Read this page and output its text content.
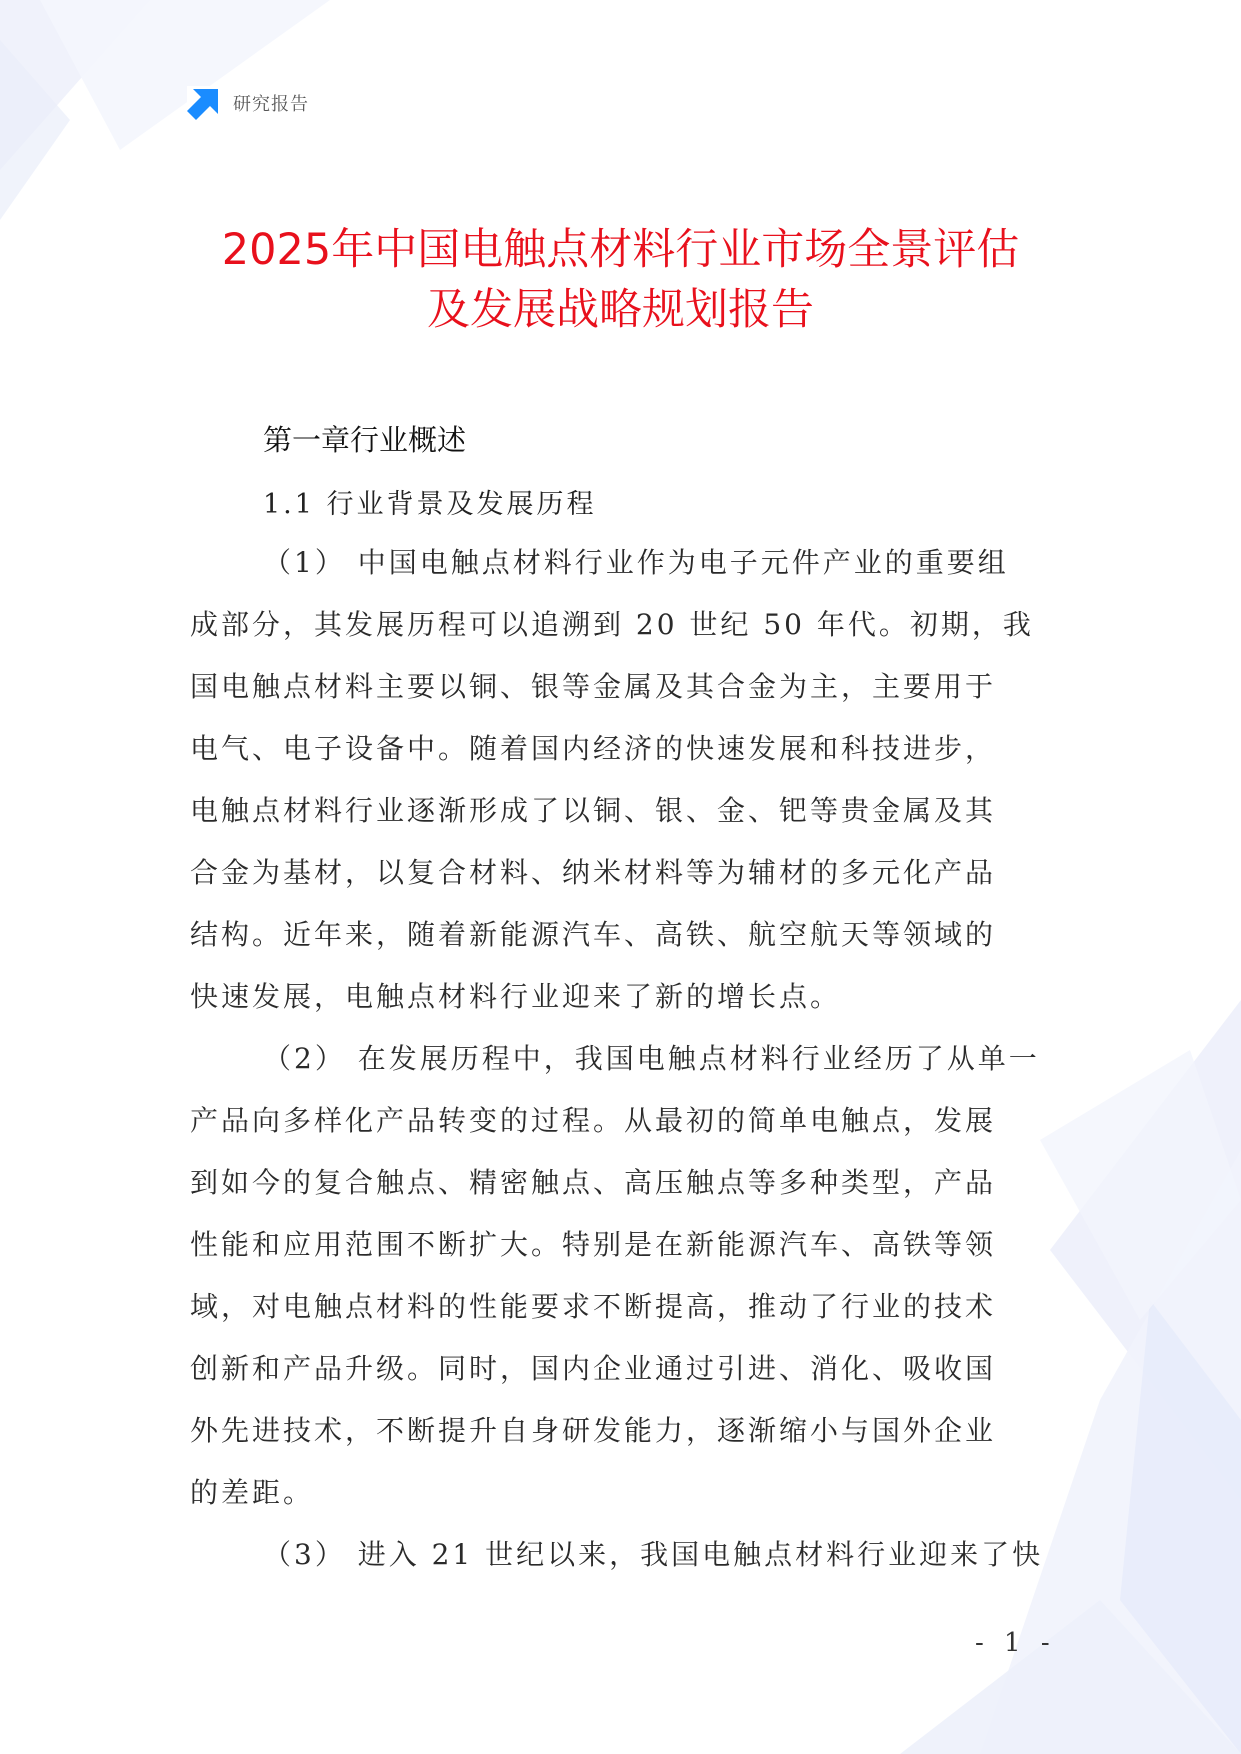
研究报告
2025年中国电触点材料行业市场全景评估
及发展战略规划报告
第一章行业概述
1.1 行业背景及发展历程
（1） 中国电触点材料行业作为电子元件产业的重要组
成部分，其发展历程可以追溯到 20 世纪 50 年代。初期，我
国电触点材料主要以铜、银等金属及其合金为主，主要用于
电气、电子设备中。随着国内经济的快速发展和科技进步，
电触点材料行业逐渐形成了以铜、银、金、钯等贵金属及其
合金为基材，以复合材料、纳米材料等为辅材的多元化产品
结构。近年来，随着新能源汽车、高铁、航空航天等领域的
快速发展，电触点材料行业迎来了新的增长点。
（2） 在发展历程中，我国电触点材料行业经历了从单一
产品向多样化产品转变的过程。从最初的简单电触点，发展
到如今的复合触点、精密触点、高压触点等多种类型，产品
性能和应用范围不断扩大。特别是在新能源汽车、高铁等领
域，对电触点材料的性能要求不断提高，推动了行业的技术
创新和产品升级。同时，国内企业通过引进、消化、吸收国
外先进技术，不断提升自身研发能力，逐渐缩小与国外企业
的差距。
（3） 进入 21 世纪以来，我国电触点材料行业迎来了快
- 1 -
